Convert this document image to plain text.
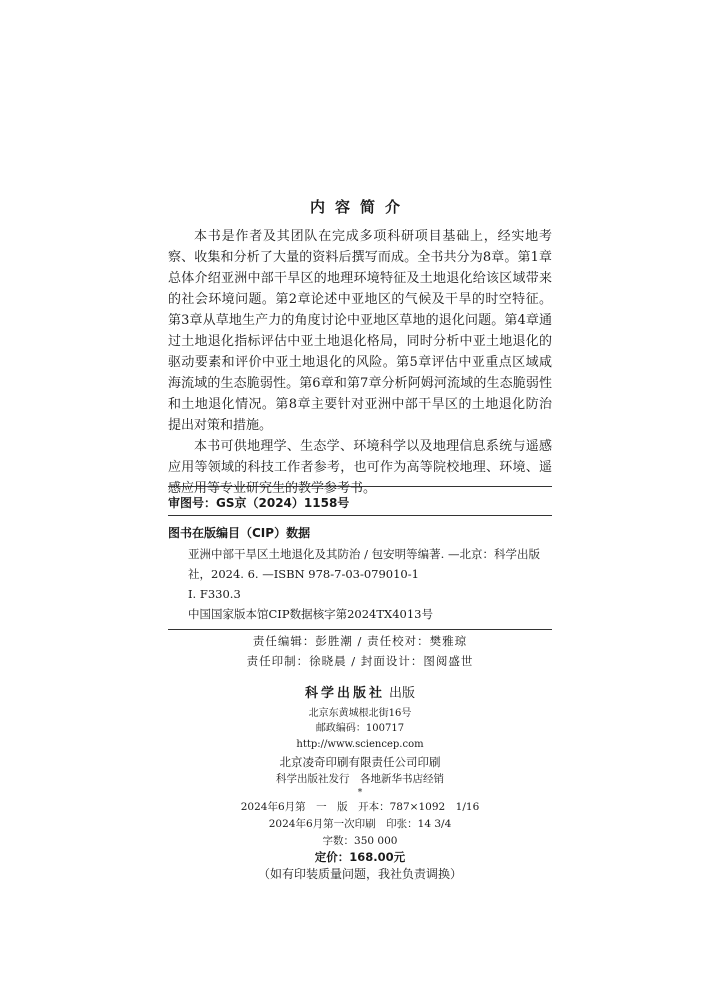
内容简介

本书是作者及其团队在完成多项科研项目基础上，经实地考察、收集和分析了大量的资料后撰写而成。全书共分为8章。第1章总体介绍亚洲中部干旱区的地理环境特征及土地退化给该区域带来的社会环境问题。第2章论述中亚地区的气候及干旱的时空特征。第3章从草地生产力的角度讨论中亚地区草地的退化问题。第4章通过土地退化指标评估中亚土地退化格局，同时分析中亚土地退化的驱动要素和评价中亚土地退化的风险。第5章评估中亚重点区域咸海流域的生态脆弱性。第6章和第7章分析阿姆河流域的生态脆弱性和土地退化情况。第8章主要针对亚洲中部干旱区的土地退化防治提出对策和措施。

本书可供地理学、生态学、环境科学以及地理信息系统与遥感应用等领域的科技工作者参考，也可作为高等院校地理、环境、遥感应用等专业研究生的教学参考书。

审图号：GS京（2024）1158号
图书在版编目（CIP）数据
亚洲中部干旱区土地退化及其防治 / 包安明等编著. —北京：科学出版社，2024. 6. —ISBN 978-7-03-079010-1
Ⅰ. F330.3
中国国家版本馆CIP数据核字第2024TX4013号
责任编辑：彭胜潮 / 责任校对：樊雅琼
责任印制：徐晓晨 / 封面设计：图阅盛世
科学出版社 出版
北京东黄城根北街16号
邮政编码：100717
http://www.sciencep.com
北京凌奇印刷有限责任公司印刷
科学出版社发行　各地新华书店经销
*
2024年6月第　一　版　开本：787×1092　1/16
2024年6月第一次印刷　印张：14 3/4
字数：350 000
定价：168.00元
（如有印装质量问题，我社负责调换）
